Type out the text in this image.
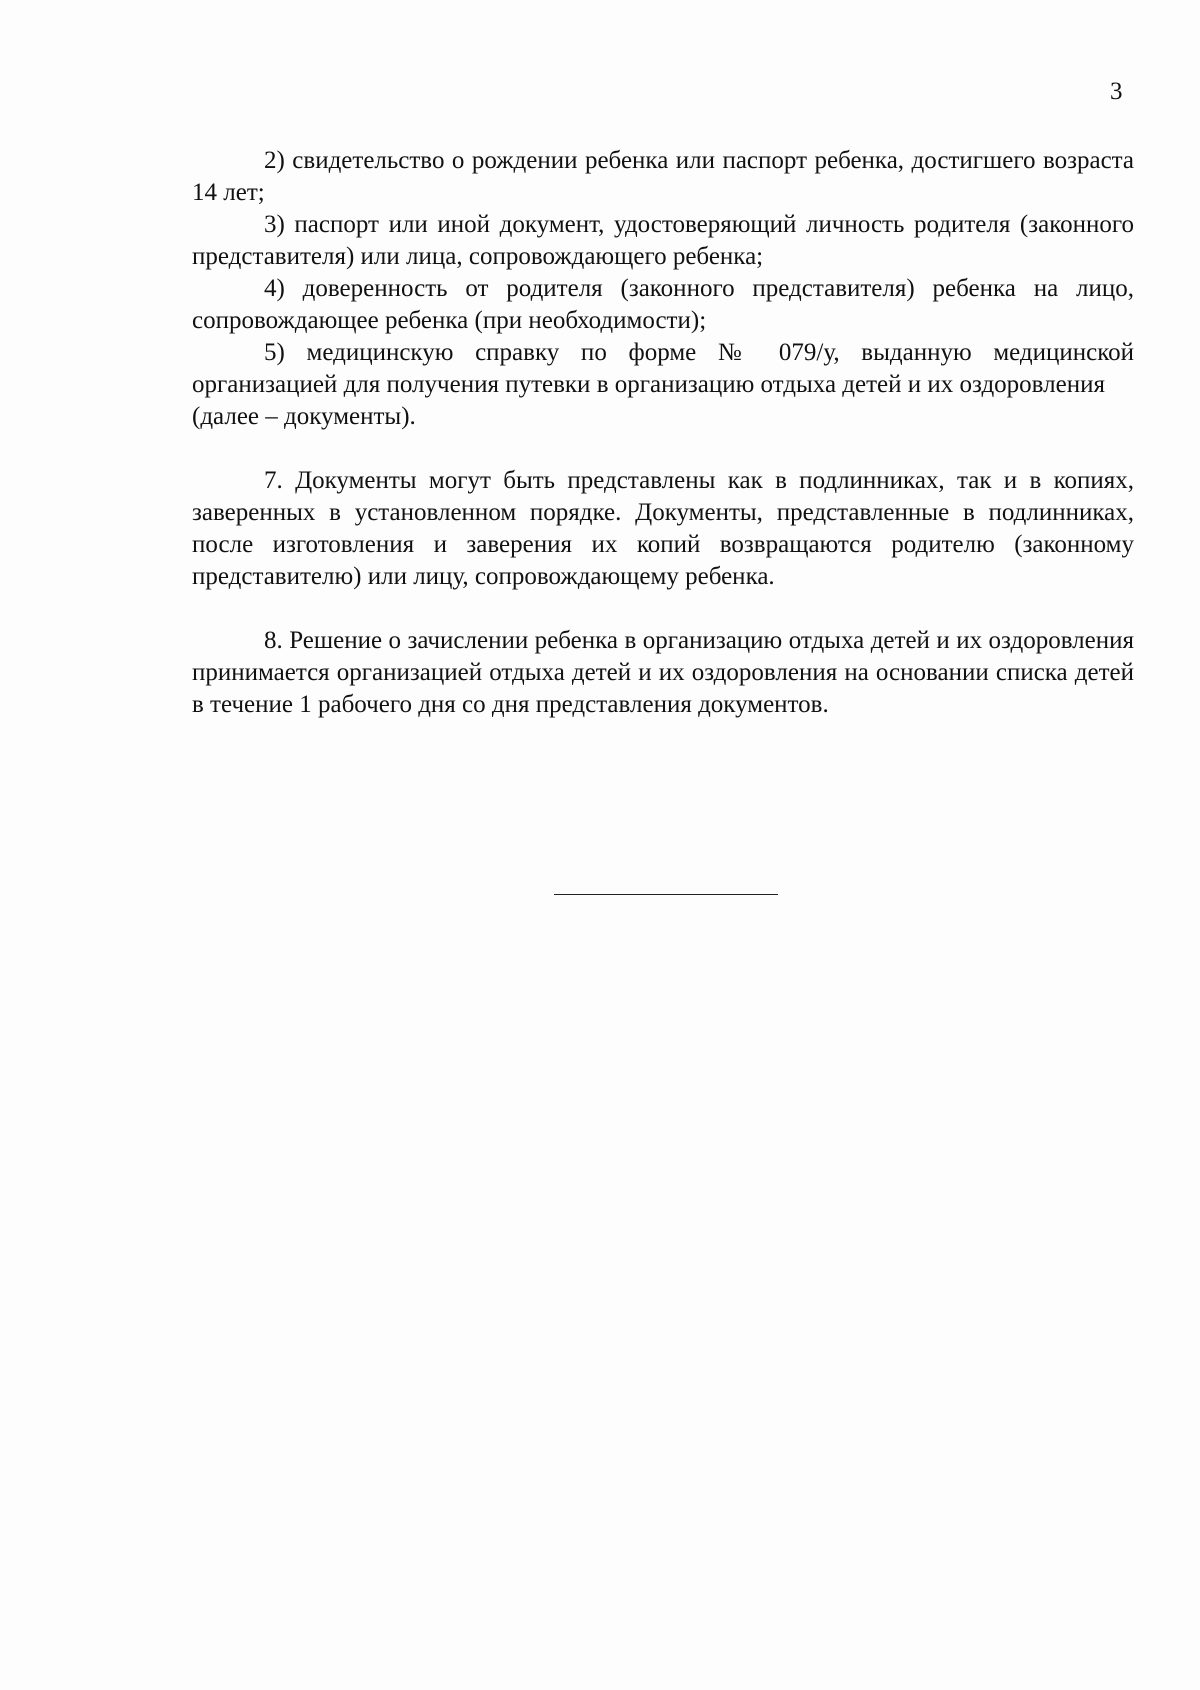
3

2) свидетельство о рождении ребенка или паспорт ребенка, достигшего возраста 14 лет;

3) паспорт или иной документ, удостоверяющий личность родителя (законного представителя) или лица, сопровождающего ребенка;

4) доверенность от родителя (законного представителя) ребенка на лицо, сопровождающее ребенка (при необходимости);

5) медицинскую справку по форме № 079/у, выданную медицинской организацией для получения путевки в организацию отдыха детей и их оздоровления

(далее – документы).

7. Документы могут быть представлены как в подлинниках, так и в копиях, заверенных в установленном порядке. Документы, представленные в подлинниках, после изготовления и заверения их копий возвращаются родителю (законному представителю) или лицу, сопровождающему ребенка.

8. Решение о зачислении ребенка в организацию отдыха детей и их оздоровления принимается организацией отдыха детей и их оздоровления на основании списка детей в течение 1 рабочего дня со дня представления документов.
